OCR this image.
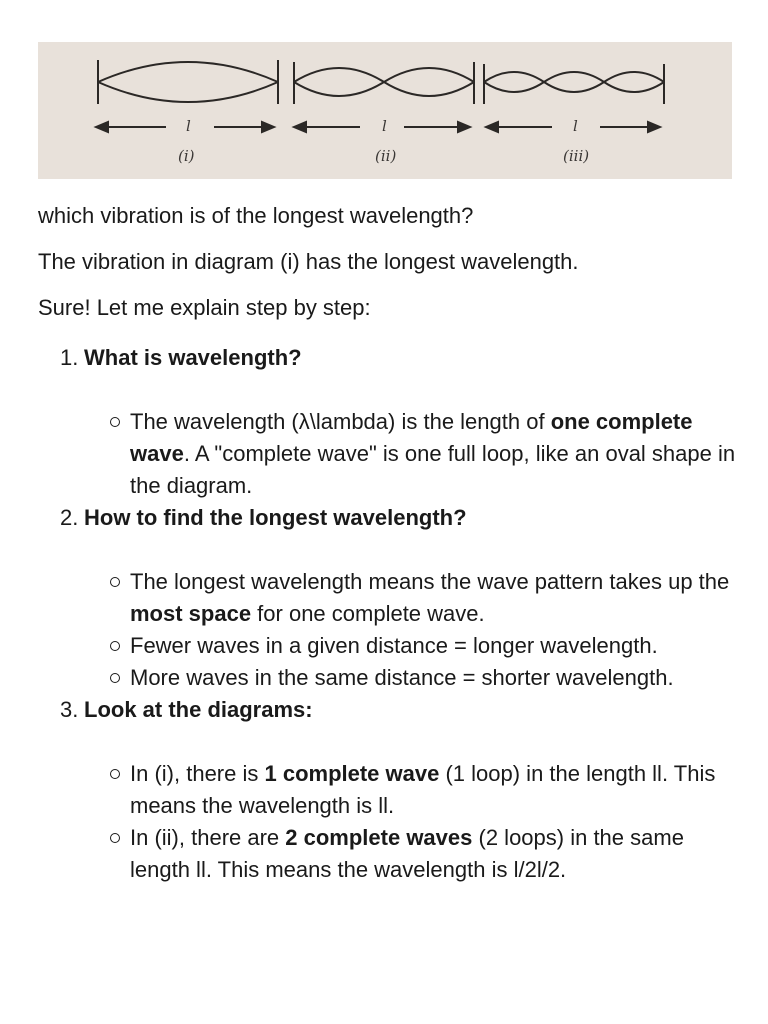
l	l	l
(i)	(ii)	(iii)

which vibration is of the longest wavelength?

The vibration in diagram (i) has the longest wavelength.

Sure! Let me explain step by step:

1. What is wavelength?

The wavelength (λ\lambda) is the length of one complete wave. A "complete wave" is one full loop, like an oval shape in the diagram.

2. How to find the longest wavelength?

The longest wavelength means the wave pattern takes up the most space for one complete wave.
Fewer waves in a given distance = longer wavelength.
More waves in the same distance = shorter wavelength.

3. Look at the diagrams:

In (i), there is 1 complete wave (1 loop) in the length ll. This means the wavelength is ll.
In (ii), there are 2 complete waves (2 loops) in the same length ll. This means the wavelength is l/2l/2.
